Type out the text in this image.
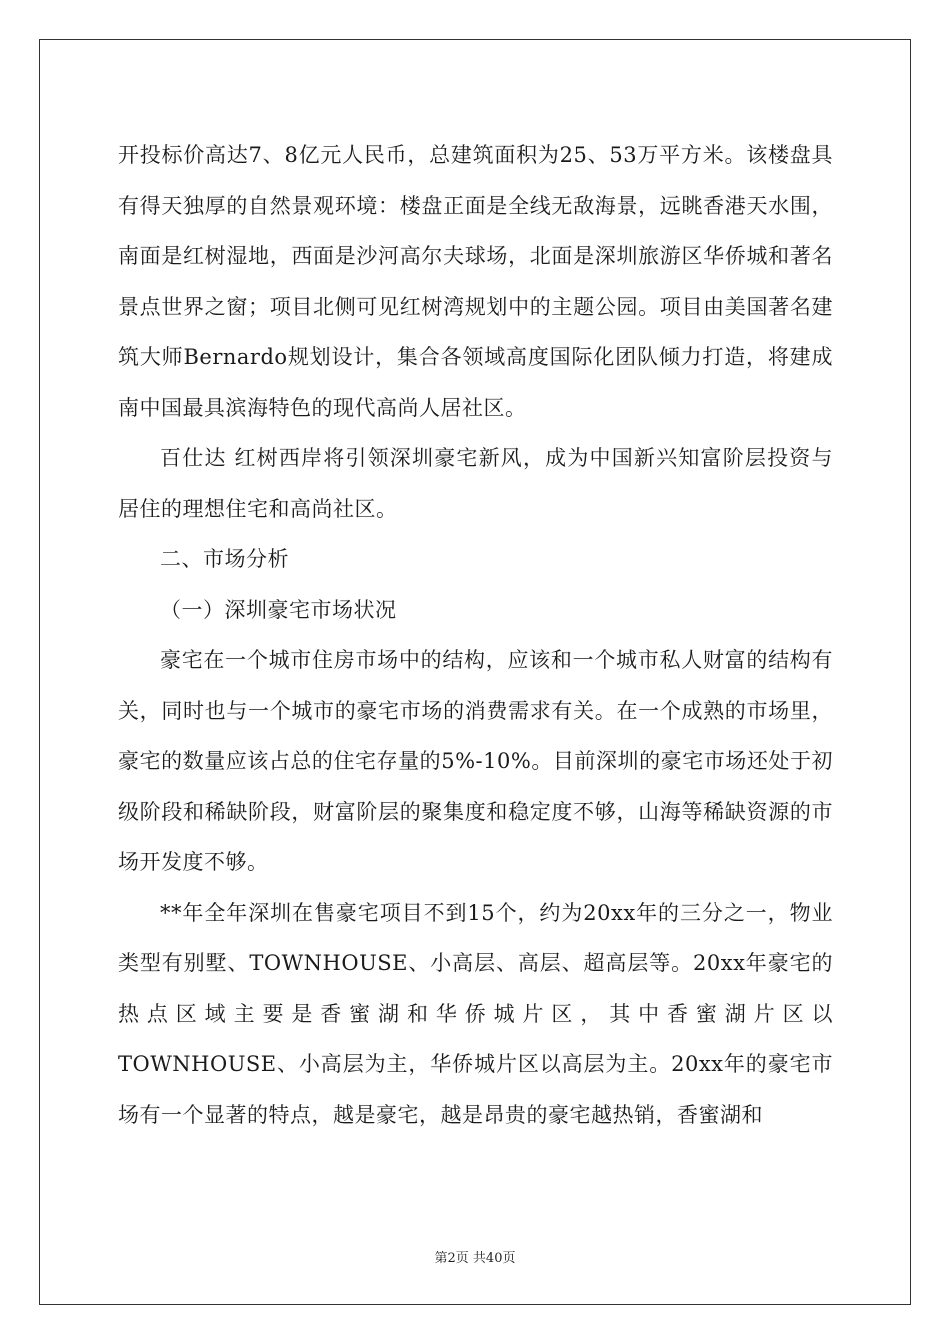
开投标价高达7、8亿元人民币，总建筑面积为25、53万平方米。该楼盘具有得天独厚的自然景观环境：楼盘正面是全线无敌海景，远眺香港天水围，南面是红树湿地，西面是沙河高尔夫球场，北面是深圳旅游区华侨城和著名景点世界之窗；项目北侧可见红树湾规划中的主题公园。项目由美国著名建筑大师Bernardo规划设计，集合各领域高度国际化团队倾力打造，将建成南中国最具滨海特色的现代高尚人居社区。

百仕达 红树西岸将引领深圳豪宅新风，成为中国新兴知富阶层投资与居住的理想住宅和高尚社区。

二、市场分析

（一）深圳豪宅市场状况

豪宅在一个城市住房市场中的结构，应该和一个城市私人财富的结构有关，同时也与一个城市的豪宅市场的消费需求有关。在一个成熟的市场里，豪宅的数量应该占总的住宅存量的5%-10%。目前深圳的豪宅市场还处于初级阶段和稀缺阶段，财富阶层的聚集度和稳定度不够，山海等稀缺资源的市场开发度不够。

**年全年深圳在售豪宅项目不到15个，约为20xx年的三分之一，物业类型有别墅、TOWNHOUSE、小高层、高层、超高层等。20xx年豪宅的热点区域主要是香蜜湖和华侨城片区，其中香蜜湖片区以TOWNHOUSE、小高层为主，华侨城片区以高层为主。20xx年的豪宅市场有一个显著的特点，越是豪宅，越是昂贵的豪宅越热销，香蜜湖和

第2页 共40页
